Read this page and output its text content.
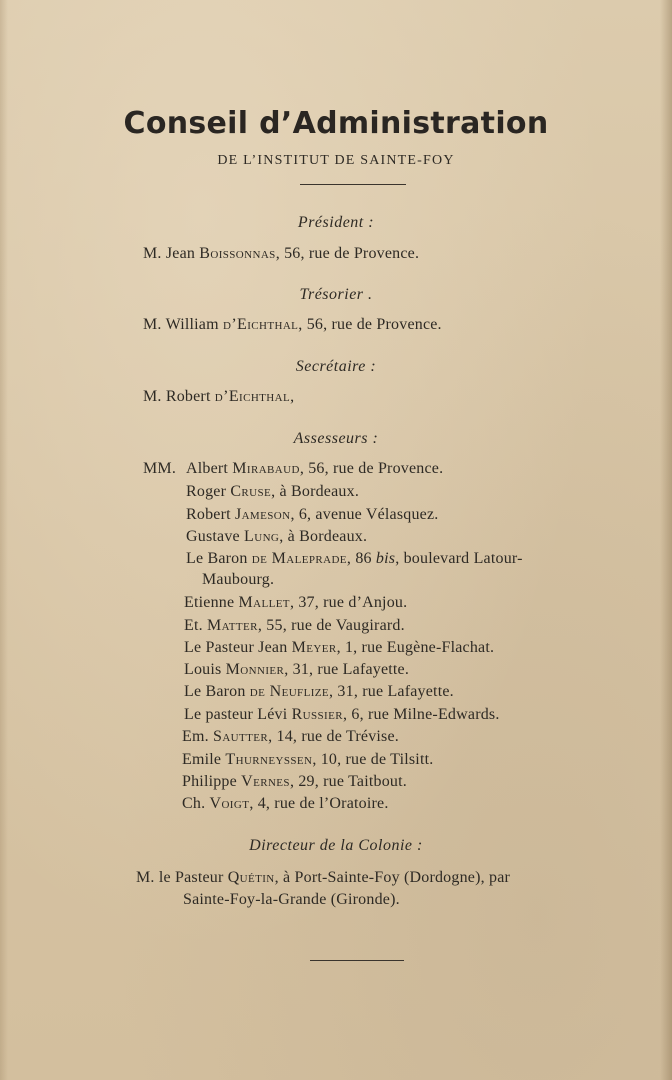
Conseil d’Administration
DE L’INSTITUT DE SAINTE-FOY
Président :
M. Jean Boissonnas, 56, rue de Provence.
Trésorier .
M. William d’Eichthal, 56, rue de Provence.
Secrétaire :
M. Robert d’Eichthal,
Assesseurs :
MM. Albert Mirabaud, 56, rue de Provence.
Roger Cruse, à Bordeaux.
Robert Jameson, 6, avenue Vélasquez.
Gustave Lung, à Bordeaux.
Le Baron de Maleprade, 86 bis, boulevard Latour-
Maubourg.
Etienne Mallet, 37, rue d’Anjou.
Et. Matter, 55, rue de Vaugirard.
Le Pasteur Jean Meyer, 1, rue Eugène-Flachat.
Louis Monnier, 31, rue Lafayette.
Le Baron de Neuflize, 31, rue Lafayette.
Le pasteur Lévi Russier, 6, rue Milne-Edwards.
Em. Sautter, 14, rue de Trévise.
Emile Thurneyssen, 10, rue de Tilsitt.
Philippe Vernes, 29, rue Taitbout.
Ch. Voigt, 4, rue de l’Oratoire.
Directeur de la Colonie :
M. le Pasteur Quétin, à Port-Sainte-Foy (Dordogne), par
Sainte-Foy-la-Grande (Gironde).
